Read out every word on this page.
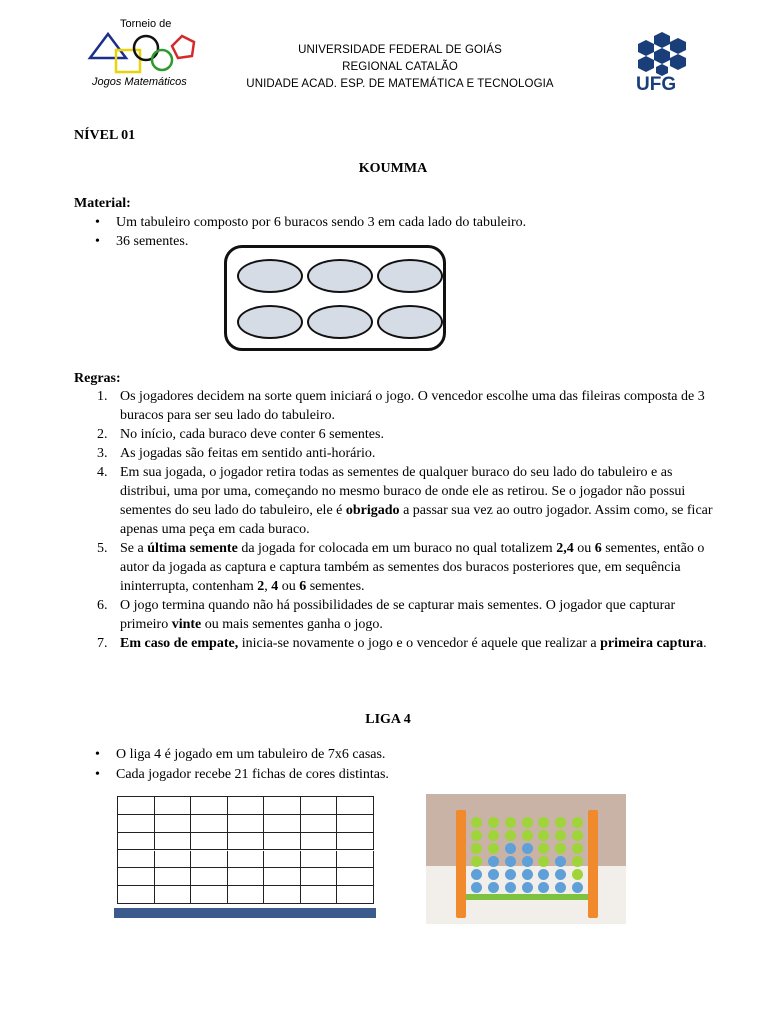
Torneio de
Jogos Matemáticos
UNIVERSIDADE FEDERAL DE GOIÁS
REGIONAL CATALÃO
UNIDADE ACAD. ESP. DE MATEMÁTICA E TECNOLOGIA	UFG
NÍVEL 01
KOUMMA
Material:
• Um tabuleiro composto por 6 buracos sendo 3 em cada lado do tabuleiro.
• 36 sementes.
Regras:
1. Os jogadores decidem na sorte quem iniciará o jogo. O vencedor escolhe uma das fileiras composta de 3 buracos para ser seu lado do tabuleiro.
2. No início, cada buraco deve conter 6 sementes.
3. As jogadas são feitas em sentido anti-horário.
4. Em sua jogada, o jogador retira todas as sementes de qualquer buraco do seu lado do tabuleiro e as distribui, uma por uma, começando no mesmo buraco de onde ele as retirou. Se o jogador não possui sementes do seu lado do tabuleiro, ele é obrigado a passar sua vez ao outro jogador. Assim como, se ficar apenas uma peça em cada buraco.
5. Se a última semente da jogada for colocada em um buraco no qual totalizem 2,4 ou 6 sementes, então o autor da jogada as captura e captura também as sementes dos buracos posteriores que, em sequência ininterrupta, contenham 2, 4 ou 6 sementes.
6. O jogo termina quando não há possibilidades de se capturar mais sementes. O jogador que capturar primeiro vinte ou mais sementes ganha o jogo.
7. Em caso de empate, inicia-se novamente o jogo e o vencedor é aquele que realizar a primeira captura.
LIGA 4
• O liga 4 é jogado em um tabuleiro de 7x6 casas.
• Cada jogador recebe 21 fichas de cores distintas.
